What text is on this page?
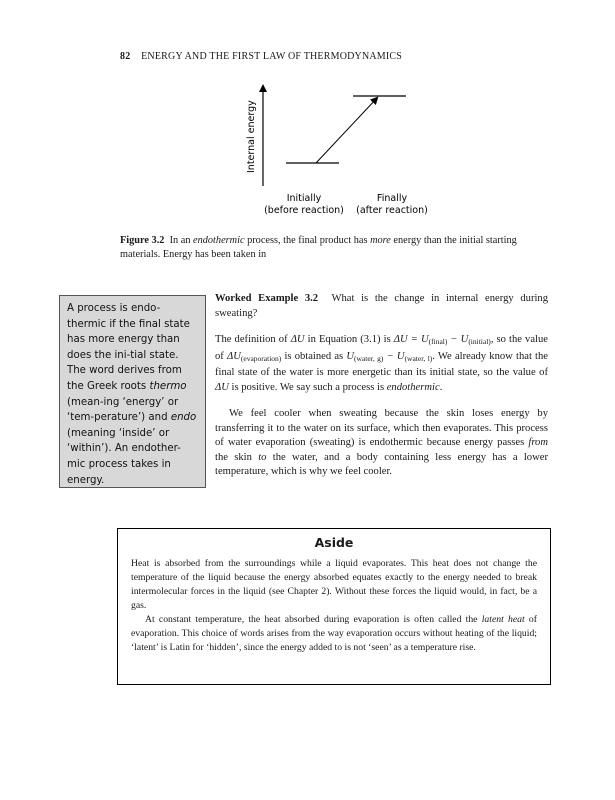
82 ENERGY AND THE FIRST LAW OF THERMODYNAMICS
Internal energy
Initially
(before reaction)
Finally
(after reaction)
Figure 3.2 In an endothermic process, the final product has more energy than the initial starting materials. Energy has been taken in
A process is endo-thermic if the final state has more energy than does the ini-tial state. The word derives from the Greek roots thermo (mean-ing ‘energy’ or ‘tem-perature’) and endo (meaning ‘inside’ or ‘within’). An endother-mic process takes in energy.

Worked Example 3.2 What is the change in internal energy during sweating?

The definition of ΔU in Equation (3.1) is $\Delta U = U_{(final)} - U_{(initial)}$, so the value of $\Delta U_{(evaporation)}$ is obtained as $U_{(water, g)} - U_{(water, l)}$. We already know that the final state of the water is more energetic than its initial state, so the value of ΔU is positive. We say such a process is endothermic.

We feel cooler when sweating because the skin loses energy by transferring it to the water on its surface, which then evaporates. This process of water evaporation (sweating) is endothermic because energy passes from the skin to the water, and a body containing less energy has a lower temperature, which is why we feel cooler.

Aside

Heat is absorbed from the surroundings while a liquid evaporates. This heat does not change the temperature of the liquid because the energy absorbed equates exactly to the energy needed to break intermolecular forces in the liquid (see Chapter 2). Without these forces the liquid would, in fact, be a gas.

At constant temperature, the heat absorbed during evaporation is often called the latent heat of evaporation. This choice of words arises from the way evaporation occurs without heating of the liquid; ‘latent’ is Latin for ‘hidden’, since the energy added to is not ‘seen’ as a temperature rise.
